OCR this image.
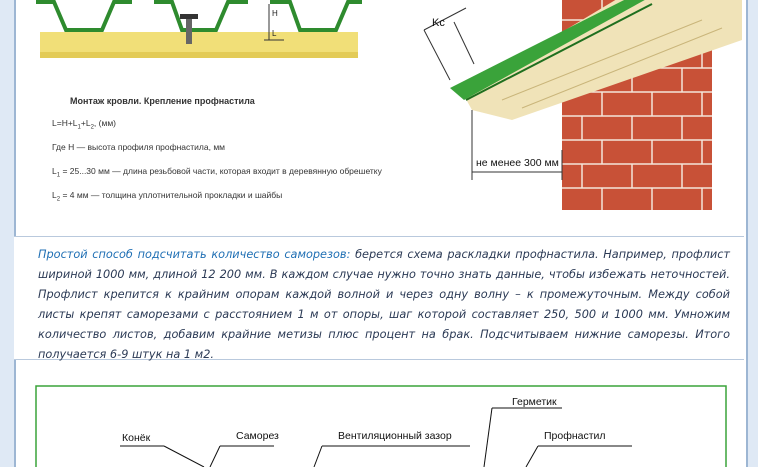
H
L
Монтаж кровли. Крепление профнастила
$L=H+L_1+L_2$, (мм)
Где H — высота профиля профнастила, мм
$L_1 = 25...30$ мм — длина резьбовой части, которая входит в деревянную обрешетку
$L_2 = 4$ мм — толщина уплотнительной прокладки и шайбы
Kc
не менее 300 мм
Простой способ подсчитать количество саморезов: берется схема раскладки профнастила. Например, профлист шириной 1000 мм, длиной 12 200 мм. В каждом случае нужно точно знать данные, чтобы избежать неточностей. Профлист крепится к крайним опорам каждой волной и через одну волну – к промежуточным. Между собой листы крепят саморезами с расстоянием 1 м от опоры, шаг которой составляет 250, 500 и 1000 мм. Умножим количество листов, добавим крайние метизы плюс процент на брак. Подсчитываем нижние саморезы. Итого получается 6-9 штук на 1 м2.
Конёк	Саморез	Вентиляционный зазор
Герметик
Профнастил
